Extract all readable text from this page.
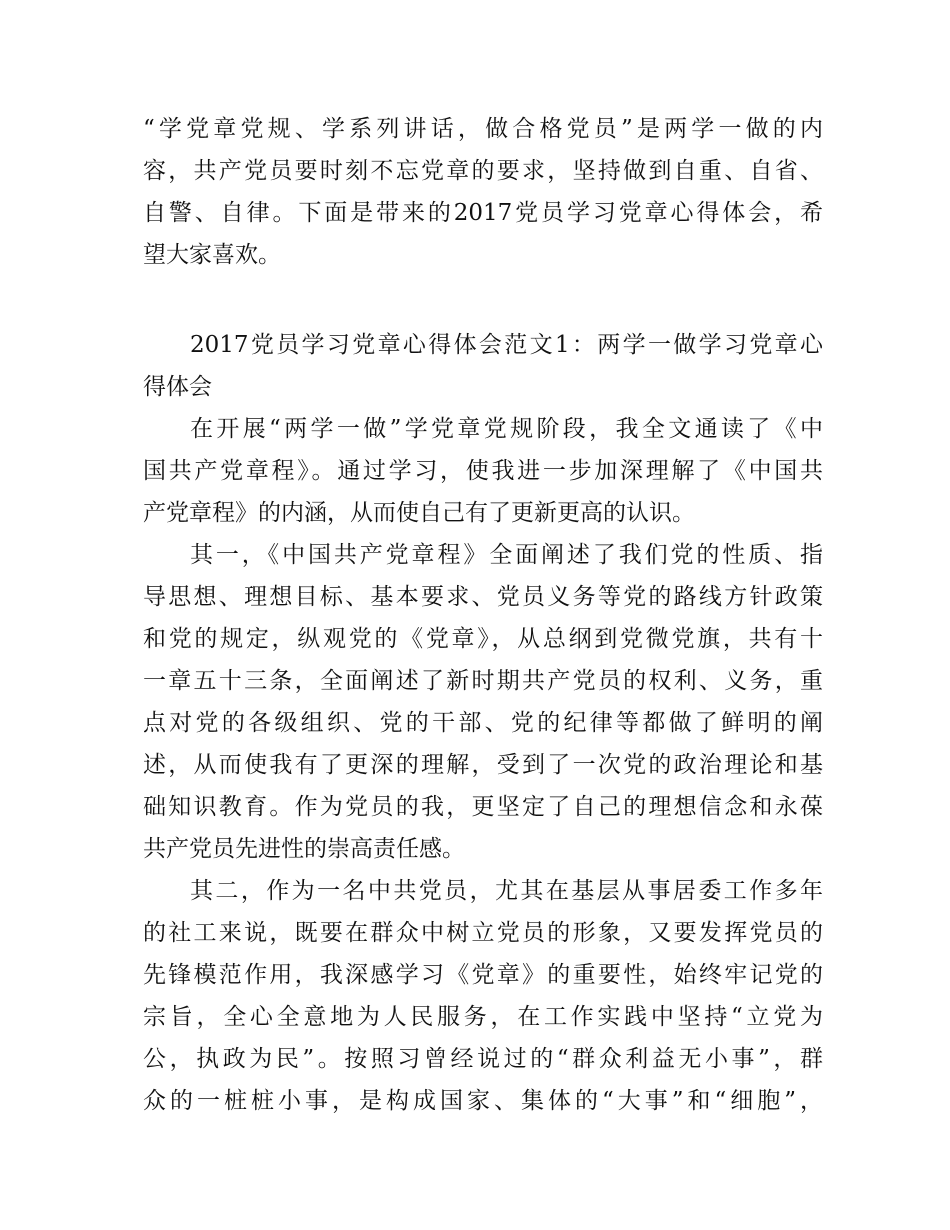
“学党章党规、学系列讲话，做合格党员”是两学一做的内
容，共产党员要时刻不忘党章的要求，坚持做到自重、自省、
自警、自律。下面是带来的2017党员学习党章心得体会，希
望大家喜欢。
2017党员学习党章心得体会范文1：两学一做学习党章心
得体会
在开展“两学一做”学党章党规阶段，我全文通读了《中
国共产党章程》。通过学习，使我进一步加深理解了《中国共
产党章程》的内涵，从而使自己有了更新更高的认识。
其一，《中国共产党章程》全面阐述了我们党的性质、指
导思想、理想目标、基本要求、党员义务等党的路线方针政策
和党的规定，纵观党的《党章》，从总纲到党微党旗，共有十
一章五十三条，全面阐述了新时期共产党员的权利、义务，重
点对党的各级组织、党的干部、党的纪律等都做了鲜明的阐
述，从而使我有了更深的理解，受到了一次党的政治理论和基
础知识教育。作为党员的我，更坚定了自己的理想信念和永葆
共产党员先进性的崇高责任感。
其二，作为一名中共党员，尤其在基层从事居委工作多年
的社工来说，既要在群众中树立党员的形象，又要发挥党员的
先锋模范作用，我深感学习《党章》的重要性，始终牢记党的
宗旨，全心全意地为人民服务，在工作实践中坚持“立党为
公，执政为民”。按照习曾经说过的“群众利益无小事”，群
众的一桩桩小事，是构成国家、集体的“大事”和“细胞”，
